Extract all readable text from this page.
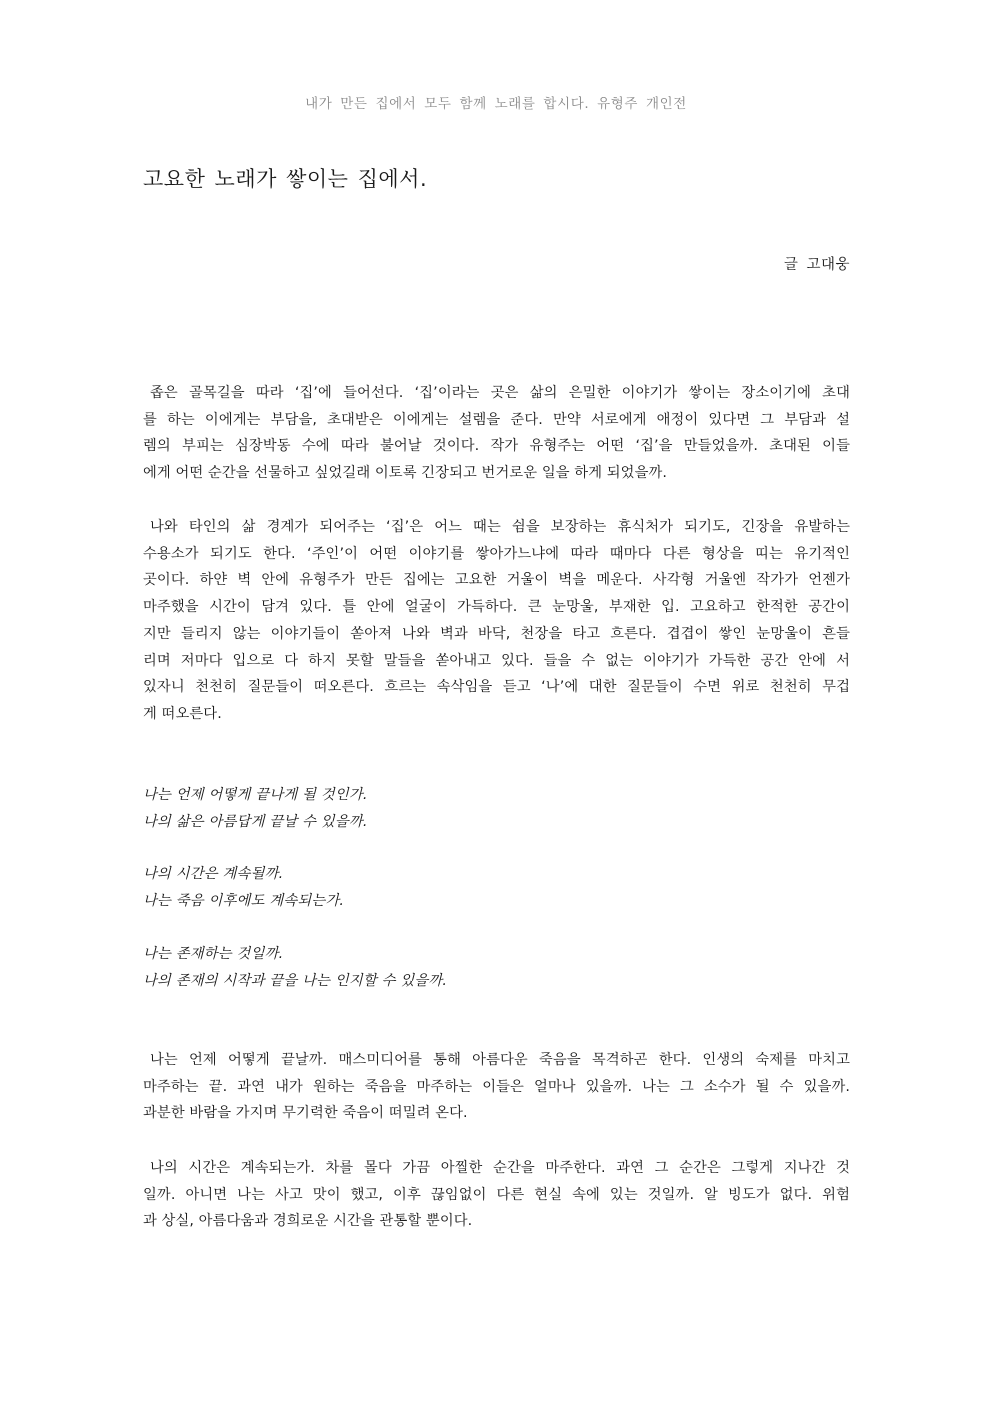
내가 만든 집에서 모두 함께 노래를 합시다. 유형주 개인전
고요한 노래가 쌓이는 집에서.
글 고대웅
좁은 골목길을 따라 ‘집’에 들어선다. ‘집’이라는 곳은 삶의 은밀한 이야기가 쌓이는 장소이기에 초대
를 하는 이에게는 부담을, 초대받은 이에게는 설렘을 준다. 만약 서로에게 애정이 있다면 그 부담과 설
렘의 부피는 심장박동 수에 따라 불어날 것이다. 작가 유형주는 어떤 ‘집’을 만들었을까. 초대된 이들
에게 어떤 순간을 선물하고 싶었길래 이토록 긴장되고 번거로운 일을 하게 되었을까.
나와 타인의 삶 경계가 되어주는 ‘집’은 어느 때는 쉼을 보장하는 휴식처가 되기도, 긴장을 유발하는
수용소가 되기도 한다. ‘주인’이 어떤 이야기를 쌓아가느냐에 따라 때마다 다른 형상을 띠는 유기적인
곳이다. 하얀 벽 안에 유형주가 만든 집에는 고요한 거울이 벽을 메운다. 사각형 거울엔 작가가 언젠가
마주했을 시간이 담겨 있다. 틀 안에 얼굴이 가득하다. 큰 눈망울, 부재한 입. 고요하고 한적한 공간이
지만 들리지 않는 이야기들이 쏟아져 나와 벽과 바닥, 천장을 타고 흐른다. 겹겹이 쌓인 눈망울이 흔들
리며 저마다 입으로 다 하지 못할 말들을 쏟아내고 있다. 들을 수 없는 이야기가 가득한 공간 안에 서
있자니 천천히 질문들이 떠오른다. 흐르는 속삭임을 듣고 ‘나’에 대한 질문들이 수면 위로 천천히 무겁
게 떠오른다.
나는 언제 어떻게 끝나게 될 것인가.
나의 삶은 아름답게 끝날 수 있을까.
나의 시간은 계속될까.
나는 죽음 이후에도 계속되는가.
나는 존재하는 것일까.
나의 존재의 시작과 끝을 나는 인지할 수 있을까.
나는 언제 어떻게 끝날까. 매스미디어를 통해 아름다운 죽음을 목격하곤 한다. 인생의 숙제를 마치고
마주하는 끝. 과연 내가 원하는 죽음을 마주하는 이들은 얼마나 있을까. 나는 그 소수가 될 수 있을까.
과분한 바람을 가지며 무기력한 죽음이 떠밀려 온다.
나의 시간은 계속되는가. 차를 몰다 가끔 아찔한 순간을 마주한다. 과연 그 순간은 그렇게 지나간 것
일까. 아니면 나는 사고 맛이 했고, 이후 끊임없이 다른 현실 속에 있는 것일까. 알 빙도가 없다. 위험
과 상실, 아름다움과 경희로운 시간을 관통할 뿐이다.
